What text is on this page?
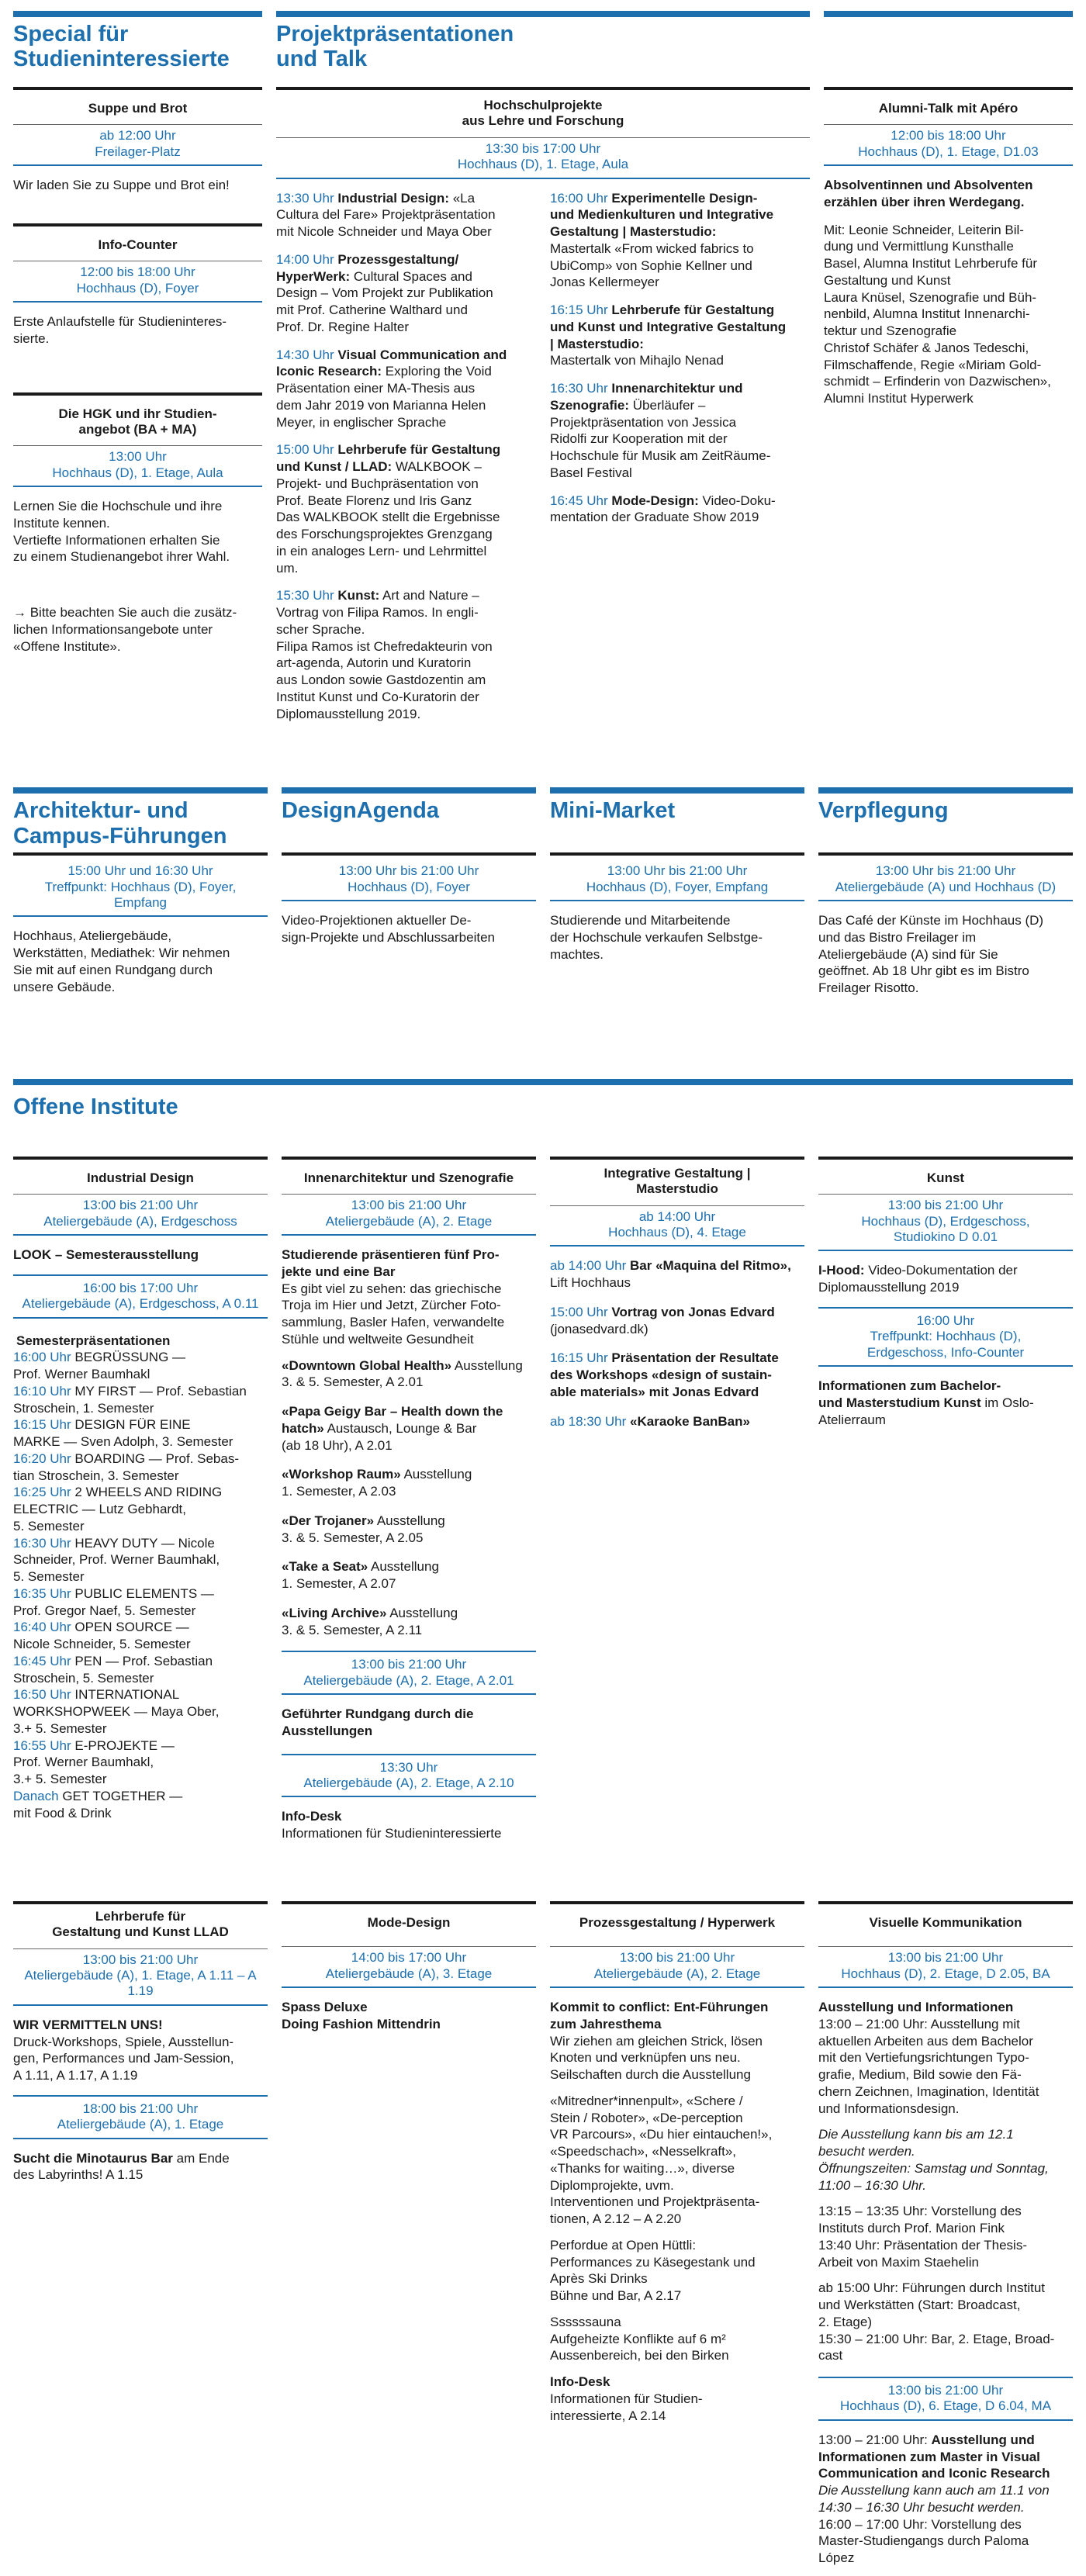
Special für
Studieninteressierte
Suppe und Brot
ab 12:00 Uhr
Freilager-Platz

Wir laden Sie zu Suppe und Brot ein!

Info-Counter
12:00 bis 18:00 Uhr
Hochhaus (D), Foyer

Erste Anlaufstelle für Studieninteres-
sierte.

Die HGK und ihr Studien-
angebot (BA + MA)
13:00 Uhr
Hochhaus (D), 1. Etage, Aula

Lernen Sie die Hochschule und ihre
Institute kennen.
Vertiefte Informationen erhalten Sie
zu einem Studienangebot ihrer Wahl.

→ Bitte beachten Sie auch die zusätz-
lichen Informationsangebote unter
«Offene Institute».

Projektpräsentationen
und Talk
Hochschulprojekte
aus Lehre und Forschung
13:30 bis 17:00 Uhr
Hochhaus (D), 1. Etage, Aula

13:30 Uhr Industrial Design: «La
Cultura del Fare» Projektpräsentation
mit Nicole Schneider und Maya Ober

14:00 Uhr Prozessgestaltung/
HyperWerk: Cultural Spaces and
Design – Vom Projekt zur Publikation
mit Prof. Catherine Walthard und
Prof. Dr. Regine Halter

14:30 Uhr Visual Communication and
Iconic Research: Exploring the Void
Präsentation einer MA-Thesis aus
dem Jahr 2019 von Marianna Helen
Meyer, in englischer Sprache

15:00 Uhr Lehrberufe für Gestaltung
und Kunst / LLAD: WALKBOOK –
Projekt- und Buchpräsentation von
Prof. Beate Florenz und Iris Ganz
Das WALKBOOK stellt die Ergebnisse
des Forschungsprojektes Grenzgang
in ein analoges Lern- und Lehrmittel
um.

15:30 Uhr Kunst: Art and Nature –
Vortrag von Filipa Ramos. In engli-
scher Sprache.
Filipa Ramos ist Chefredakteurin von
art-agenda, Autorin und Kuratorin
aus London sowie Gastdozentin am
Institut Kunst und Co-Kuratorin der
Diplomausstellung 2019.

16:00 Uhr Experimentelle Design-
und Medienkulturen und Integrative
Gestaltung | Masterstudio:
Mastertalk «From wicked fabrics to
UbiComp» von Sophie Kellner und
Jonas Kellermeyer

16:15 Uhr Lehrberufe für Gestaltung
und Kunst und Integrative Gestaltung
| Masterstudio:
Mastertalk von Mihajlo Nenad

16:30 Uhr Innenarchitektur und
Szenografie: Überläufer –
Projektpräsentation von Jessica
Ridolfi zur Kooperation mit der
Hochschule für Musik am ZeitRäume-
Basel Festival

16:45 Uhr Mode-Design: Video-Doku-
mentation der Graduate Show 2019

Alumni-Talk mit Apéro
12:00 bis 18:00 Uhr
Hochhaus (D), 1. Etage, D1.03

Absolventinnen und Absolventen
erzählen über ihren Werdegang.

Mit: Leonie Schneider, Leiterin Bil-
dung und Vermittlung Kunsthalle
Basel, Alumna Institut Lehrberufe für
Gestaltung und Kunst
Laura Knüsel, Szenografie und Büh-
nenbild, Alumna Institut Innenarchi-
tektur und Szenografie
Christof Schäfer & Janos Tedeschi,
Filmschaffende, Regie «Miriam Gold-
schmidt – Erfinderin von Dazwischen»,
Alumni Institut Hyperwerk

Architektur- und
Campus-Führungen
15:00 Uhr und 16:30 Uhr
Treffpunkt: Hochhaus (D), Foyer,
Empfang

Hochhaus, Ateliergebäude,
Werkstätten, Mediathek: Wir nehmen
Sie mit auf einen Rundgang durch
unsere Gebäude.

DesignAgenda
13:00 Uhr bis 21:00 Uhr
Hochhaus (D), Foyer

Video-Projektionen aktueller De-
sign-Projekte und Abschlussarbeiten

Mini-Market
13:00 Uhr bis 21:00 Uhr
Hochhaus (D), Foyer, Empfang

Studierende und Mitarbeitende
der Hochschule verkaufen Selbstge-
machtes.

Verpflegung
13:00 Uhr bis 21:00 Uhr
Ateliergebäude (A) und Hochhaus (D)

Das Café der Künste im Hochhaus (D)
und das Bistro Freilager im
Ateliergebäude (A) sind für Sie
geöffnet. Ab 18 Uhr gibt es im Bistro
Freilager Risotto.

Offene Institute
Industrial Design
13:00 bis 21:00 Uhr
Ateliergebäude (A), Erdgeschoss

LOOK – Semesterausstellung

16:00 bis 17:00 Uhr
Ateliergebäude (A), Erdgeschoss, A 0.11

Semesterpräsentationen

16:00 Uhr BEGRÜSSUNG —
Prof. Werner Baumhakl

16:10 Uhr MY FIRST — Prof. Sebastian
Stroschein, 1. Semester

16:15 Uhr DESIGN FÜR EINE
MARKE — Sven Adolph, 3. Semester

16:20 Uhr BOARDING — Prof. Sebas-
tian Stroschein, 3. Semester

16:25 Uhr 2 WHEELS AND RIDING
ELECTRIC — Lutz Gebhardt,
5. Semester

16:30 Uhr HEAVY DUTY — Nicole
Schneider, Prof. Werner Baumhakl,
5. Semester

16:35 Uhr PUBLIC ELEMENTS —
Prof. Gregor Naef, 5. Semester

16:40 Uhr OPEN SOURCE —
Nicole Schneider, 5. Semester

16:45 Uhr PEN — Prof. Sebastian
Stroschein, 5. Semester

16:50 Uhr INTERNATIONAL
WORKSHOPWEEK — Maya Ober,
3.+ 5. Semester

16:55 Uhr E-PROJEKTE —
Prof. Werner Baumhakl,
3.+ 5. Semester

Danach GET TOGETHER —
mit Food & Drink

Innenarchitektur und Szenografie
13:00 bis 21:00 Uhr
Ateliergebäude (A), 2. Etage

Studierende präsentieren fünf Pro-
jekte und eine Bar
Es gibt viel zu sehen: das griechische
Troja im Hier und Jetzt, Zürcher Foto-
sammlung, Basler Hafen, verwandelte
Stühle und weltweite Gesundheit

«Downtown Global Health» Ausstellung
3. & 5. Semester, A 2.01

«Papa Geigy Bar – Health down the
hatch» Austausch, Lounge & Bar
(ab 18 Uhr), A 2.01

«Workshop Raum» Ausstellung
1. Semester, A 2.03

«Der Trojaner» Ausstellung
3. & 5. Semester, A 2.05

«Take a Seat» Ausstellung
1. Semester, A 2.07

«Living Archive» Ausstellung
3. & 5. Semester, A 2.11

13:00 bis 21:00 Uhr
Ateliergebäude (A), 2. Etage, A 2.01

Geführter Rundgang durch die
Ausstellungen

13:30 Uhr
Ateliergebäude (A), 2. Etage, A 2.10

Info-Desk
Informationen für Studieninteressierte

Integrative Gestaltung |
Masterstudio
ab 14:00 Uhr
Hochhaus (D), 4. Etage

ab 14:00 Uhr Bar «Maquina del Ritmo»,
Lift Hochhaus

15:00 Uhr Vortrag von Jonas Edvard
(jonasedvard.dk)

16:15 Uhr Präsentation der Resultate
des Workshops «design of sustain-
able materials» mit Jonas Edvard

ab 18:30 Uhr «Karaoke BanBan»

Kunst
13:00 bis 21:00 Uhr
Hochhaus (D), Erdgeschoss,
Studiokino D 0.01

I-Hood: Video-Dokumentation der
Diplomausstellung 2019

16:00 Uhr
Treffpunkt: Hochhaus (D),
Erdgeschoss, Info-Counter

Informationen zum Bachelor-
und Masterstudium Kunst im Oslo-
Atelierraum

Lehrberufe für
Gestaltung und Kunst LLAD
13:00 bis 21:00 Uhr
Ateliergebäude (A), 1. Etage, A 1.11 – A 1.19

WIR VERMITTELN UNS!
Druck-Workshops, Spiele, Ausstellun-
gen, Performances und Jam-Session,
A 1.11, A 1.17, A 1.19

18:00 bis 21:00 Uhr
Ateliergebäude (A), 1. Etage

Sucht die Minotaurus Bar am Ende
des Labyrinths! A 1.15

Mode-Design
14:00 bis 17:00 Uhr
Ateliergebäude (A), 3. Etage

Spass Deluxe
Doing Fashion Mittendrin

Prozessgestaltung / Hyperwerk
13:00 bis 21:00 Uhr
Ateliergebäude (A), 2. Etage

Kommit to conflict: Ent-Führungen
zum Jahresthema
Wir ziehen am gleichen Strick, lösen
Knoten und verknüpfen uns neu.
Seilschaften durch die Ausstellung

«Mitredner*innenpult», «Schere /
Stein / Roboter», «De-perception
VR Parcours», «Du hier eintauchen!»,
«Speedschach», «Nesselkraft»,
«Thanks for waiting…», diverse
Diplomprojekte, uvm.
Interventionen und Projektpräsenta-
tionen, A 2.12 – A 2.20

Perfordue at Open Hüttli:
Performances zu Käsegestank und
Après Ski Drinks
Bühne und Bar, A 2.17

Ssssssauna
Aufgeheizte Konflikte auf 6 m²
Aussenbereich, bei den Birken

Info-Desk
Informationen für Studien-
interessierte, A 2.14

Visuelle Kommunikation
13:00 bis 21:00 Uhr
Hochhaus (D), 2. Etage, D 2.05, BA

Ausstellung und Informationen
13:00 – 21:00 Uhr: Ausstellung mit
aktuellen Arbeiten aus dem Bachelor
mit den Vertiefungsrichtungen Typo-
grafie, Medium, Bild sowie den Fä-
chern Zeichnen, Imagination, Identität
und Informationsdesign.

Die Ausstellung kann bis am 12.1
besucht werden.
Öffnungszeiten: Samstag und Sonntag,
11:00 – 16:30 Uhr.

13:15 – 13:35 Uhr: Vorstellung des
Instituts durch Prof. Marion Fink
13:40 Uhr: Präsentation der Thesis-
Arbeit von Maxim Staehelin

ab 15:00 Uhr: Führungen durch Institut
und Werkstätten (Start: Broadcast,
2. Etage)
15:30 – 21:00 Uhr: Bar, 2. Etage, Broad-
cast

13:00 bis 21:00 Uhr
Hochhaus (D), 6. Etage, D 6.04, MA

13:00 – 21:00 Uhr: Ausstellung und
Informationen zum Master in Visual
Communication and Iconic Research
Die Ausstellung kann auch am 11.1 von
14:30 – 16:30 Uhr besucht werden.
16:00 – 17:00 Uhr: Vorstellung des
Master-Studiengangs durch Paloma
López
